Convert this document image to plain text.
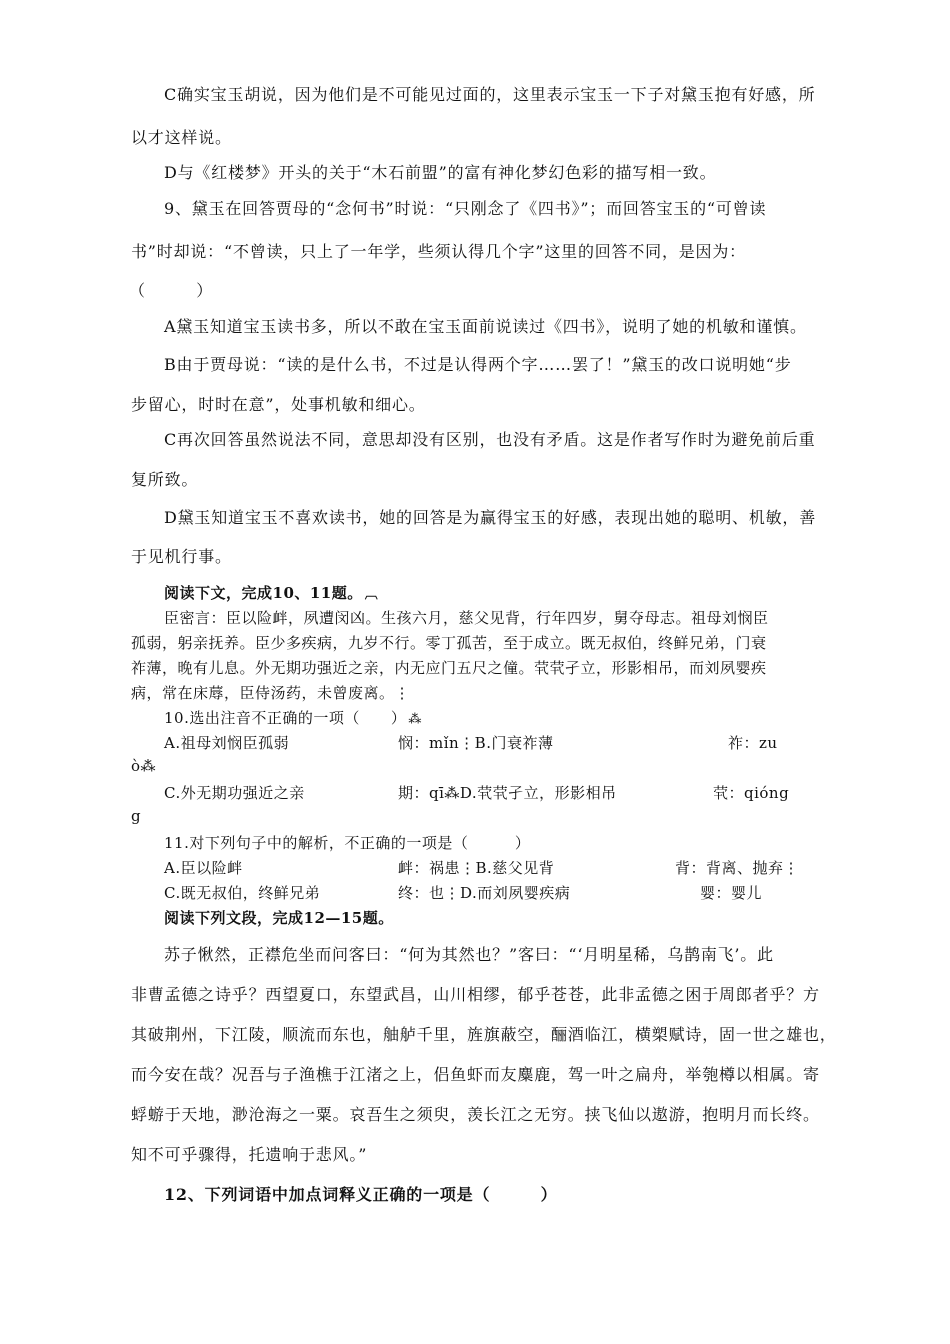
C确实宝玉胡说，因为他们是不可能见过面的，这里表示宝玉一下子对黛玉抱有好感，所
以才这样说。
D与《红楼梦》开头的关于“木石前盟”的富有神化梦幻色彩的描写相一致。
9、黛玉在回答贾母的“念何书”时说：“只刚念了《四书》”；而回答宝玉的“可曾读
书”时却说：“不曾读，只上了一年学，些须认得几个字”这里的回答不同，是因为：
（　　　）
A黛玉知道宝玉读书多，所以不敢在宝玉面前说读过《四书》，说明了她的机敏和谨慎。
B由于贾母说：“读的是什么书，不过是认得两个字……罢了！”黛玉的改口说明她“步
步留心，时时在意”，处事机敏和细心。
C再次回答虽然说法不同，意思却没有区别，也没有矛盾。这是作者写作时为避免前后重
复所致。
D黛玉知道宝玉不喜欢读书，她的回答是为赢得宝玉的好感，表现出她的聪明、机敏，善
于见机行事。
阅读下文，完成10、11题。 ︹
臣密言：臣以险衅，夙遭闵凶。生孩六月，慈父见背，行年四岁，舅夺母志。祖母刘悯臣
孤弱，躬亲抚养。臣少多疾病，九岁不行。零丁孤苦，至于成立。既无叔伯，终鲜兄弟，门衰
祚薄，晚有儿息。外无期功强近之亲，内无应门五尺之僮。茕茕孑立，形影相吊，而刘夙婴疾
病，常在床蓐，臣侍汤药，未曾废离。⋮
10.选出注音不正确的一项（　　） ⁂
A.祖母刘悯臣孤弱	悯：mǐn⋮B.门衰祚薄	祚：zu
ò⁂
C.外无期功强近之亲	期：qī⁂D.茕茕孑立，形影相吊	茕：qióng
g
11.对下列句子中的解析，不正确的一项是（　　　）
A.臣以险衅	衅：祸患⋮B.慈父见背	背：背离、抛弃⋮
C.既无叔伯，终鲜兄弟	终：也⋮D.而刘夙婴疾病	婴：婴儿
阅读下列文段，完成12—15题。
苏子愀然，正襟危坐而问客曰：“何为其然也？”客曰：“‘月明星稀，乌鹊南飞’。此
非曹孟德之诗乎？西望夏口，东望武昌，山川相缪，郁乎苍苍，此非孟德之困于周郎者乎？方
其破荆州，下江陵，顺流而东也，舳舻千里，旌旗蔽空，酾酒临江，横槊赋诗，固一世之雄也，
而今安在哉？况吾与子渔樵于江渚之上，侣鱼虾而友麋鹿，驾一叶之扁舟，举匏樽以相属。寄
蜉蝣于天地，渺沧海之一粟。哀吾生之须臾，羡长江之无穷。挟飞仙以遨游，抱明月而长终。
知不可乎骤得，托遗响于悲风。”
12、下列词语中加点词释义正确的一项是（　　　）
